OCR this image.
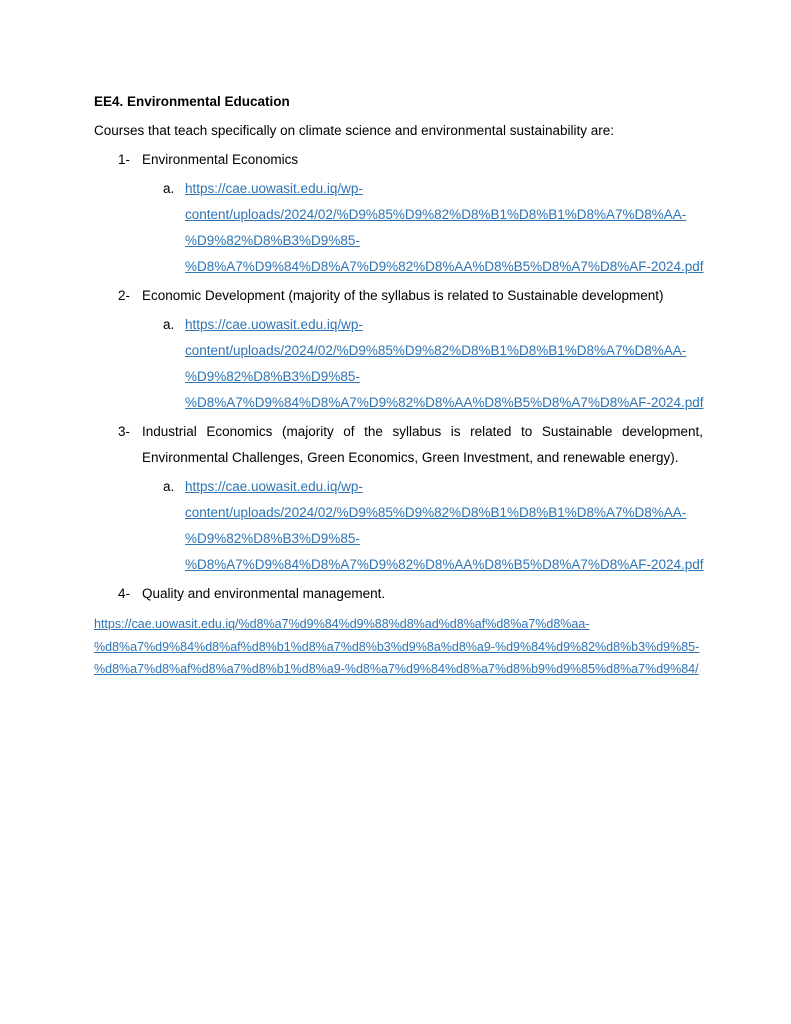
EE4. Environmental Education

Courses that teach specifically on climate science and environmental sustainability are:

1- Environmental Economics
a. https://cae.uowasit.edu.iq/wp-
content/uploads/2024/02/%D9%85%D9%82%D8%B1%D8%B1%D8%A7%D8%AA-
%D9%82%D8%B3%D9%85-
%D8%A7%D9%84%D8%A7%D9%82%D8%AA%D8%B5%D8%A7%D8%AF-2024.pdf
2- Economic Development (majority of the syllabus is related to Sustainable development)
a. https://cae.uowasit.edu.iq/wp-
content/uploads/2024/02/%D9%85%D9%82%D8%B1%D8%B1%D8%A7%D8%AA-
%D9%82%D8%B3%D9%85-
%D8%A7%D9%84%D8%A7%D9%82%D8%AA%D8%B5%D8%A7%D8%AF-2024.pdf
3- Industrial Economics (majority of the syllabus is related to Sustainable development,
Environmental Challenges, Green Economics, Green Investment, and renewable energy).
a. https://cae.uowasit.edu.iq/wp-
content/uploads/2024/02/%D9%85%D9%82%D8%B1%D8%B1%D8%A7%D8%AA-
%D9%82%D8%B3%D9%85-
%D8%A7%D9%84%D8%A7%D9%82%D8%AA%D8%B5%D8%A7%D8%AF-2024.pdf
4- Quality and environmental management.
https://cae.uowasit.edu.iq/%d8%a7%d9%84%d9%88%d8%ad%d8%af%d8%a7%d8%aa-
%d8%a7%d9%84%d8%af%d8%b1%d8%a7%d8%b3%d9%8a%d8%a9-%d9%84%d9%82%d8%b3%d9%85-
%d8%a7%d8%af%d8%a7%d8%b1%d8%a9-%d8%a7%d9%84%d8%a7%d8%b9%d9%85%d8%a7%d9%84/
